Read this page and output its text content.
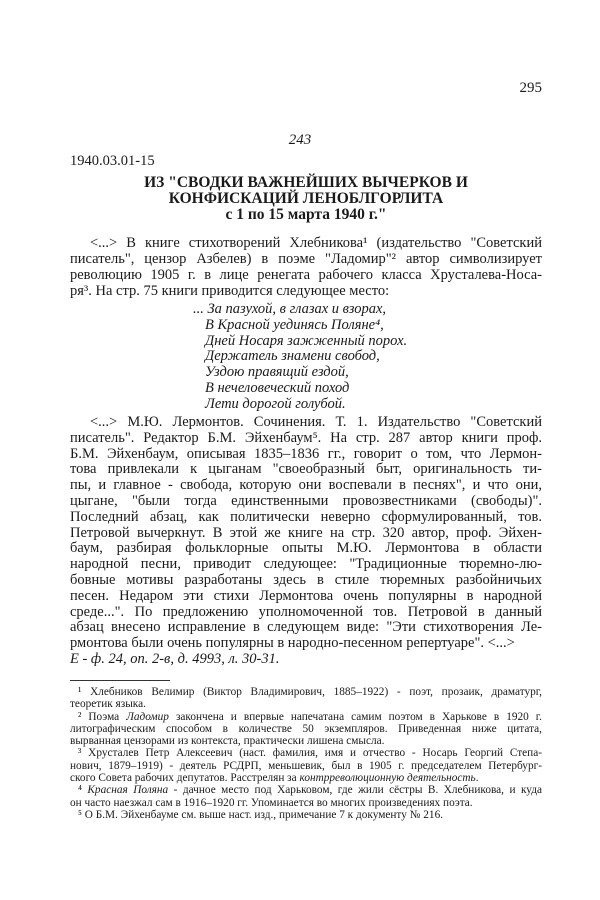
295
243
1940.03.01-15
ИЗ "СВОДКИ ВАЖНЕЙШИХ ВЫЧЕРКОВ И
КОНФИСКАЦИЙ ЛЕНОБЛГОРЛИТА
с 1 по 15 марта 1940 г."
<...> В книге стихотворений Хлебникова¹ (издательство "Советский
писатель", цензор Азбелев) в поэме "Ладомир"² автор символизирует
революцию 1905 г. в лице ренегата рабочего класса Хрусталева-Носа-
ря³. На стр. 75 книги приводится следующее место:
... За пазухой, в глазах и взорах,
В Красной уединясь Поляне⁴,
Дней Носаря зажженный порох.
Держатель знамени свобод,
Уздою правящий ездой,
В нечеловеческий поход
Лети дорогой голубой.
<...> М.Ю. Лермонтов. Сочинения. Т. 1. Издательство "Советский
писатель". Редактор Б.М. Эйхенбаум⁵. На стр. 287 автор книги проф.
Б.М. Эйхенбаум, описывая 1835–1836 гг., говорит о том, что Лермон-
това привлекали к цыганам "своеобразный быт, оригинальность ти-
пы, и главное - свобода, которую они воспевали в песнях", и что они,
цыгане, "были тогда единственными провозвестниками (свободы)".
Последний абзац, как политически неверно сформулированный, тов.
Петровой вычеркнут. В этой же книге на стр. 320 автор, проф. Эйхен-
баум, разбирая фольклорные опыты М.Ю. Лермонтова в области
народной песни, приводит следующее: "Традиционные тюремно-лю-
бовные мотивы разработаны здесь в стиле тюремных разбойничьих
песен. Недаром эти стихи Лермонтова очень популярны в народной
среде...". По предложению уполномоченной тов. Петровой в данный
абзац внесено исправление в следующем виде: "Эти стихотворения Ле-
рмонтова были очень популярны в народно-песенном репертуаре". <...>
Е - ф. 24, оп. 2-в, д. 4993, л. 30-31.
¹ Хлебников Велимир (Виктор Владимирович, 1885–1922) - поэт, прозаик, драматург,
теоретик языка.
² Поэма Ладомир закончена и впервые напечатана самим поэтом в Харькове в 1920 г.
литографическим способом в количестве 50 экземпляров. Приведенная ниже цитата,
вырванная цензорами из контекста, практически лишена смысла.
³ Хрусталев Петр Алексеевич (наст. фамилия, имя и отчество - Носарь Георгий Степа-
нович, 1879–1919) - деятель РСДРП, меньшевик, был в 1905 г. председателем Петербург-
ского Совета рабочих депутатов. Расстрелян за контрреволюционную деятельность.
⁴ Красная Поляна - дачное место под Харьковом, где жили сёстры В. Хлебникова, и куда
он часто наезжал сам в 1916–1920 гг. Упоминается во многих произведениях поэта.
⁵ О Б.М. Эйхенбауме см. выше наст. изд., примечание 7 к документу № 216.
